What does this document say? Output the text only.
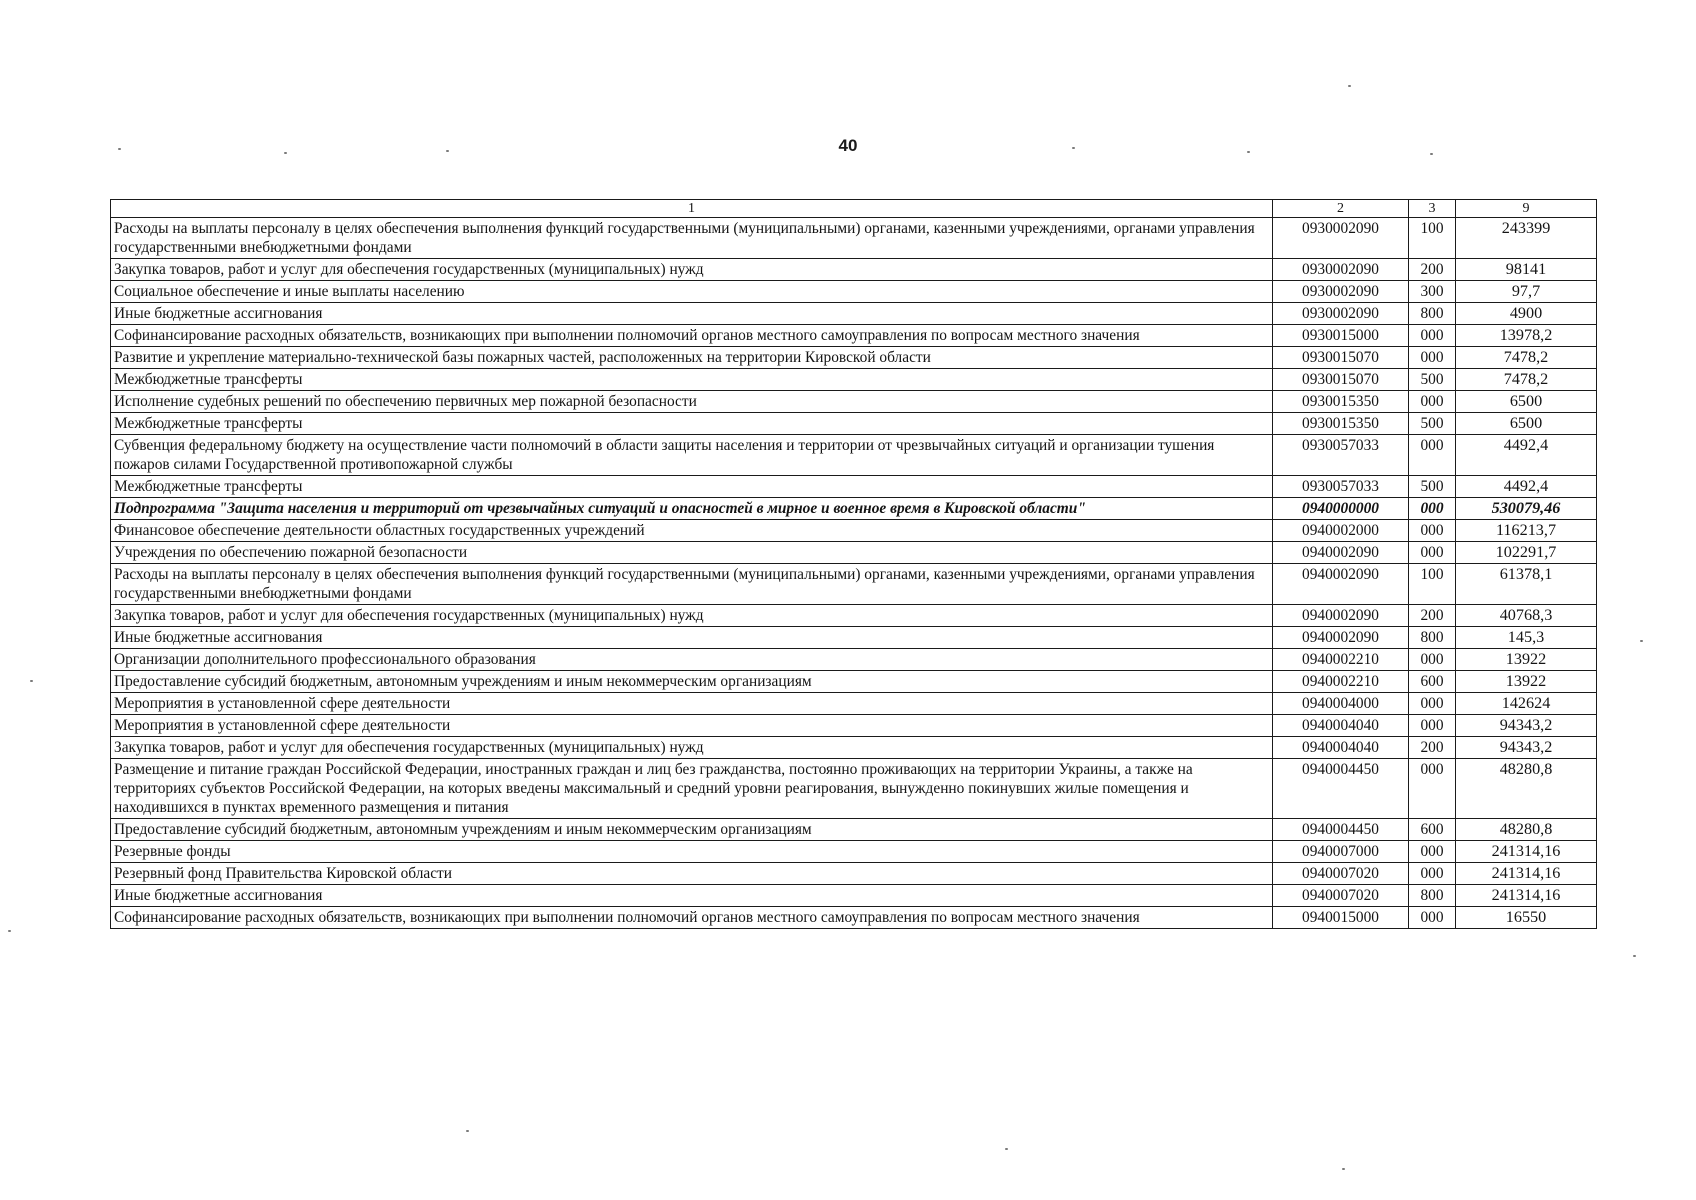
40
1	2	3	9
Расходы на выплаты персоналу в целях обеспечения выполнения функций государственными (муниципальными) органами, казенными учреждениями, органами управления государственными внебюджетными фондами	0930002090	100	243399
Закупка товаров, работ и услуг для обеспечения государственных (муниципальных) нужд	0930002090	200	98141
Социальное обеспечение и иные выплаты населению	0930002090	300	97,7
Иные бюджетные ассигнования	0930002090	800	4900
Софинансирование расходных обязательств, возникающих при выполнении полномочий органов местного самоуправления по вопросам местного значения	0930015000	000	13978,2
Развитие и укрепление материально-технической базы пожарных частей, расположенных на территории Кировской области	0930015070	000	7478,2
Межбюджетные трансферты	0930015070	500	7478,2
Исполнение судебных решений по обеспечению первичных мер пожарной безопасности	0930015350	000	6500
Межбюджетные трансферты	0930015350	500	6500
Субвенция федеральному бюджету на осуществление части полномочий в области защиты населения и территории от чрезвычайных ситуаций и организации тушения пожаров силами Государственной противопожарной службы	0930057033	000	4492,4
Межбюджетные трансферты	0930057033	500	4492,4
Подпрограмма "Защита населения и территорий от чрезвычайных ситуаций и опасностей в мирное и военное время в Кировской области"	0940000000	000	530079,46
Финансовое обеспечение деятельности областных государственных учреждений	0940002000	000	116213,7
Учреждения по обеспечению пожарной безопасности	0940002090	000	102291,7
Расходы на выплаты персоналу в целях обеспечения выполнения функций государственными (муниципальными) органами, казенными учреждениями, органами управления государственными внебюджетными фондами	0940002090	100	61378,1
Закупка товаров, работ и услуг для обеспечения государственных (муниципальных) нужд	0940002090	200	40768,3
Иные бюджетные ассигнования	0940002090	800	145,3
Организации дополнительного профессионального образования	0940002210	000	13922
Предоставление субсидий бюджетным, автономным учреждениям и иным некоммерческим организациям	0940002210	600	13922
Мероприятия в установленной сфере деятельности	0940004000	000	142624
Мероприятия в установленной сфере деятельности	0940004040	000	94343,2
Закупка товаров, работ и услуг для обеспечения государственных (муниципальных) нужд	0940004040	200	94343,2
Размещение и питание граждан Российской Федерации, иностранных граждан и лиц без гражданства, постоянно проживающих на территории Украины, а также на территориях субъектов Российской Федерации, на которых введены максимальный и средний уровни реагирования, вынужденно покинувших жилые помещения и находившихся в пунктах временного размещения и питания	0940004450	000	48280,8
Предоставление субсидий бюджетным, автономным учреждениям и иным некоммерческим организациям	0940004450	600	48280,8
Резервные фонды	0940007000	000	241314,16
Резервный фонд Правительства Кировской области	0940007020	000	241314,16
Иные бюджетные ассигнования	0940007020	800	241314,16
Софинансирование расходных обязательств, возникающих при выполнении полномочий органов местного самоуправления по вопросам местного значения	0940015000	000	16550
